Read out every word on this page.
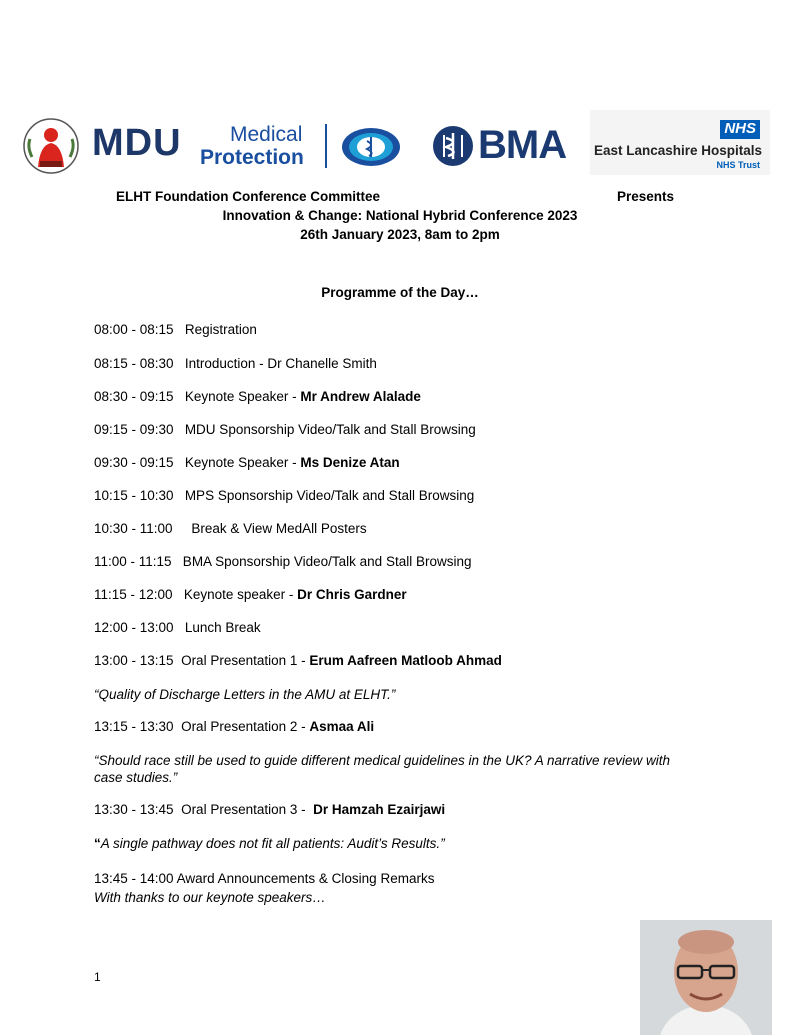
MDU Medical
Protection	BMA	NHS
East Lancashire Hospitals
NHS Trust
ELHT Foundation Conference Committee	Presents
Innovation & Change: National Hybrid Conference 2023
26th January 2023, 8am to 2pm
Programme of the Day…
08:00 - 08:15   Registration
08:15 - 08:30   Introduction - Dr Chanelle Smith
08:30 - 09:15   Keynote Speaker - Mr Andrew Alalade
09:15 - 09:30   MDU Sponsorship Video/Talk and Stall Browsing
09:30 - 09:15   Keynote Speaker - Ms Denize Atan
10:15 - 10:30   MPS Sponsorship Video/Talk and Stall Browsing
10:30 - 11:00     Break & View MedAll Posters
11:00 - 11:15   BMA Sponsorship Video/Talk and Stall Browsing
11:15 - 12:00   Keynote speaker - Dr Chris Gardner
12:00 - 13:00   Lunch Break
13:00 - 13:15  Oral Presentation 1 - Erum Aafreen Matloob Ahmad
“Quality of Discharge Letters in the AMU at ELHT.”
13:15 - 13:30  Oral Presentation 2 - Asmaa Ali
“Should race still be used to guide different medical guidelines in the UK? A narrative review with case studies.”
13:30 - 13:45  Oral Presentation 3 -  Dr Hamzah Ezairjawi
“A single pathway does not fit all patients: Audit’s Results.”
13:45 - 14:00 Award Announcements & Closing Remarks
With thanks to our keynote speakers…
1
